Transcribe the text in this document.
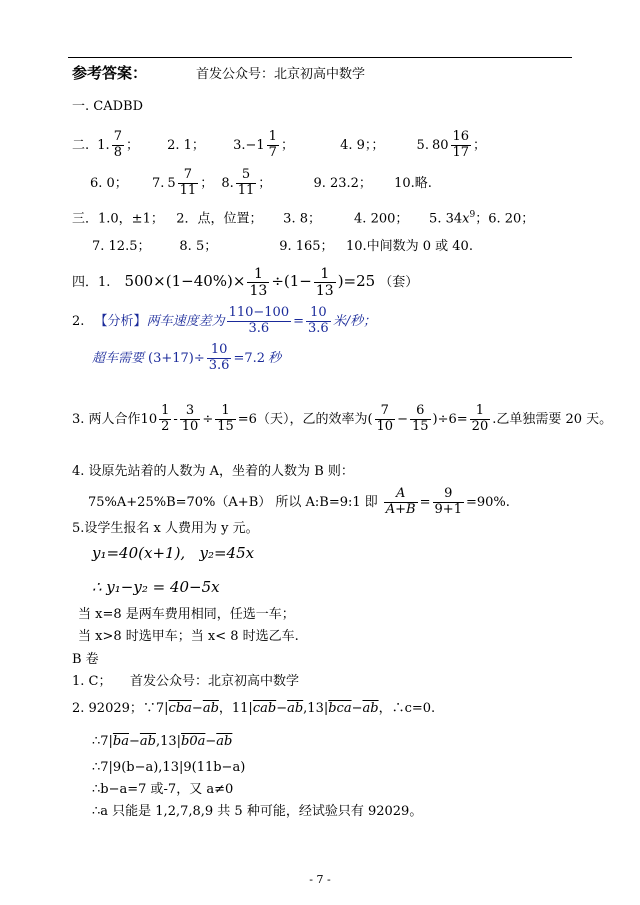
参考答案：	首发公众号：北京初高中数学
一. CADBD
二. 1. $\frac{7}{8}$ ； 2. 1； $3.-1 \frac{1}{7}$ ；	4. 9；； 5. $80 \frac{16}{17}$ ；
6. 0； 7. $5 \frac{7}{11}$ ； 8. $\frac{5}{11}$ ；	9. 23.2； 10.略.
三．1.0，±1；   2．点，位置；     3. 8；        4. 200；     5. $34x^9$；6. 20；
7. 12.5；       8. 5；               9. 165；   10.中间数为 0 或 40.
四．1. $500\times(1-40\%)\times \frac{1}{13} \div(1- \frac{1}{13} )=25$ （套）
2. 【分析】两车速度差为 $\frac{110-100}{3.6} = \frac{10}{3.6}$ 米/秒；
超车需要 $(3+17)\div \frac{10}{3.6} =7.2$ 秒
3. 两人合作$10 \frac{1}{2} - \frac{3}{10} \div \frac{1}{15} =6$（天），乙的效率为( $\frac{7}{10} - \frac{6}{15} )\div 6= \frac{1}{20}$ .乙单独需要 20 天。
4. 设原先站着的人数为 A，坐着的人数为 B 则：
75%A+25%B=70%（A+B） 所以 A:B=9:1 即 $\frac{A}{A+B} = \frac{9}{9+1} =90\%$.
5.设学生报名 x 人费用为 y 元。
y₁=40(x+1),   y₂=45x
∴ y₁−y₂ = 40−5x
当 x=8 是两车费用相同，任选一车；
当 x>8 时选甲车；当 x< 8 时选乙车.
B 卷
1. C； 首发公众号：北京初高中数学
2. 92029；$\because 7|\overline{cba}-\overline{ab}$，$11|\overline{cab}-\overline{ab},13|\overline{bca}-\overline{ab}$，∴c=0.
$\therefore 7|\overline{ba}-\overline{ab},13|b0a-\overline{ab}$
∴7|9(b−a),13|9(11b−a)
∴b−a=7 或-7，又 a≠0
∴a 只能是 1,2,7,8,9 共 5 种可能，经试验只有 92029。
- 7 -
